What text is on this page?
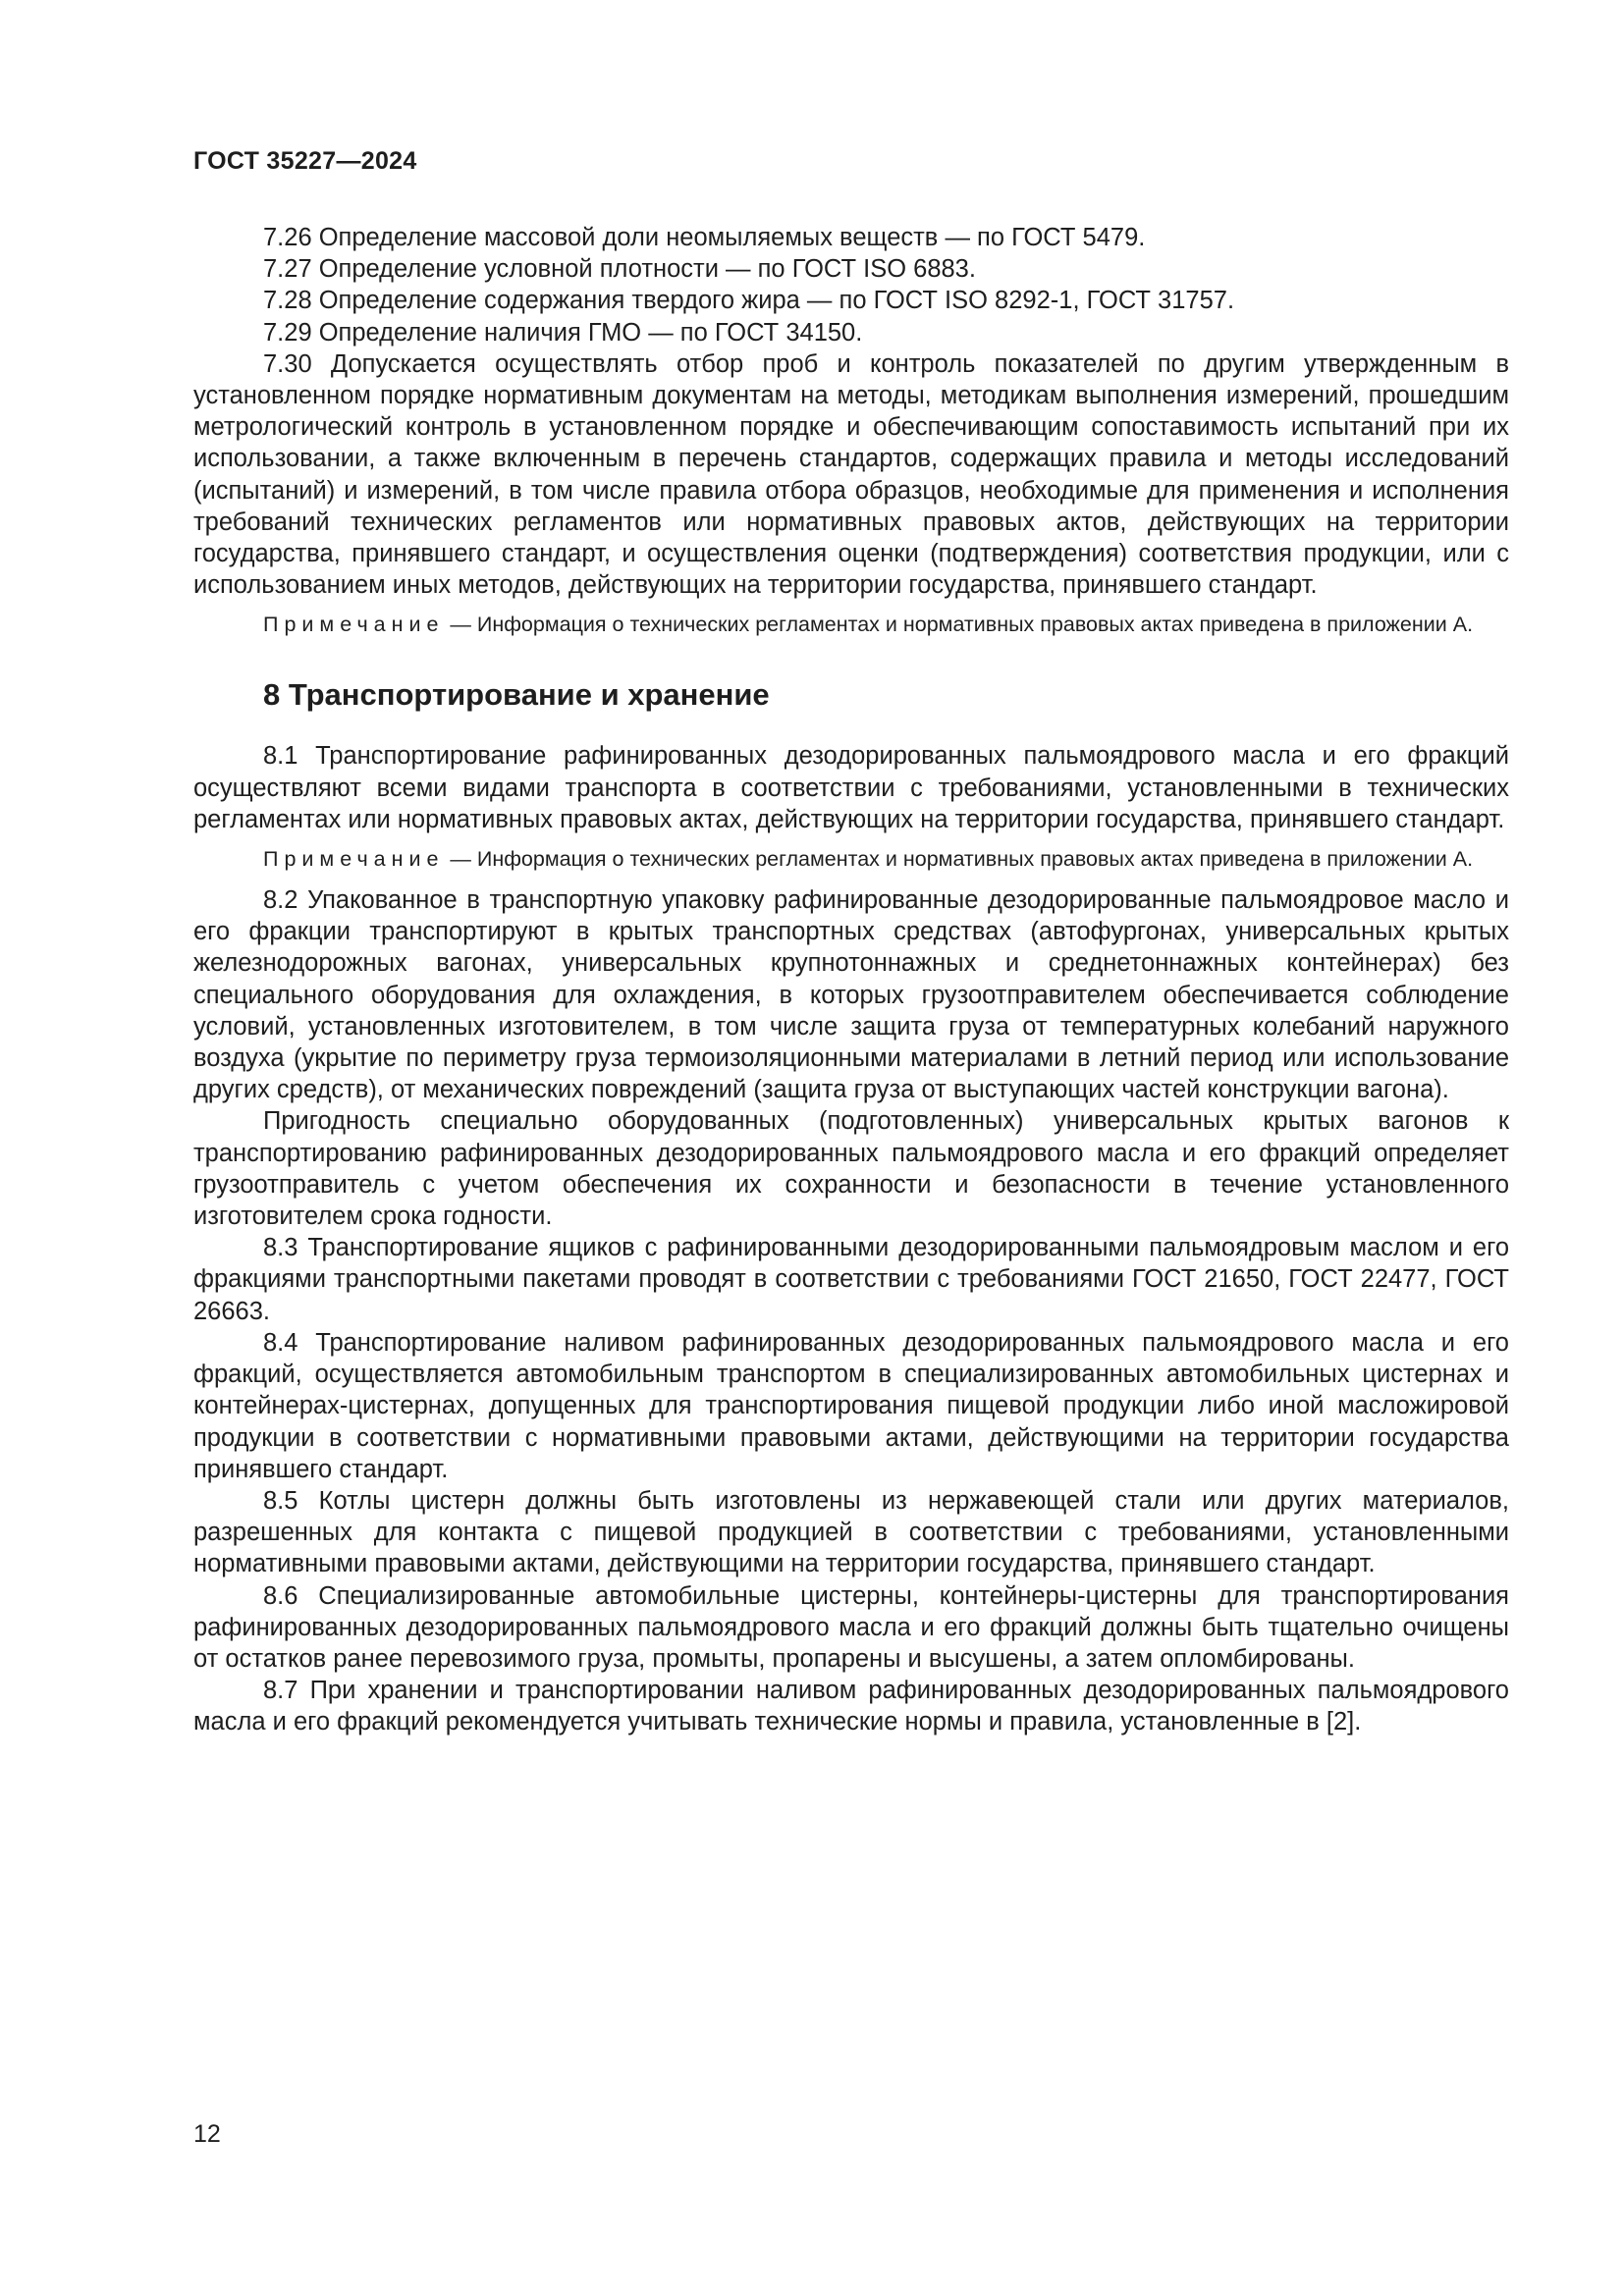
ГОСТ 35227—2024

7.26 Определение массовой доли неомыляемых веществ — по ГОСТ 5479.

7.27 Определение условной плотности — по ГОСТ ISO 6883.

7.28 Определение содержания твердого жира — по ГОСТ ISO 8292-1, ГОСТ 31757.

7.29 Определение наличия ГМО — по ГОСТ 34150.

7.30 Допускается осуществлять отбор проб и контроль показателей по другим утвержденным в установленном порядке нормативным документам на методы, методикам выполнения измерений, прошедшим метрологический контроль в установленном порядке и обеспечивающим сопоставимость испытаний при их использовании, а также включенным в перечень стандартов, содержащих правила и методы исследований (испытаний) и измерений, в том числе правила отбора образцов, необходимые для применения и исполнения требований технических регламентов или нормативных правовых актов, действующих на территории государства, принявшего стандарт, и осуществления оценки (подтверждения) соответствия продукции, или с использованием иных методов, действующих на территории государства, принявшего стандарт.

Примечание — Информация о технических регламентах и нормативных правовых актах приведена в приложении А.

8 Транспортирование и хранение

8.1 Транспортирование рафинированных дезодорированных пальмоядрового масла и его фракций осуществляют всеми видами транспорта в соответствии с требованиями, установленными в технических регламентах или нормативных правовых актах, действующих на территории государства, принявшего стандарт.

Примечание — Информация о технических регламентах и нормативных правовых актах приведена в приложении А.

8.2 Упакованное в транспортную упаковку рафинированные дезодорированные пальмоядровое масло и его фракции транспортируют в крытых транспортных средствах (автофургонах, универсальных крытых железнодорожных вагонах, универсальных крупнотоннажных и среднетоннажных контейнерах) без специального оборудования для охлаждения, в которых грузоотправителем обеспечивается соблюдение условий, установленных изготовителем, в том числе защита груза от температурных колебаний наружного воздуха (укрытие по периметру груза термоизоляционными материалами в летний период или использование других средств), от механических повреждений (защита груза от выступающих частей конструкции вагона).

Пригодность специально оборудованных (подготовленных) универсальных крытых вагонов к транспортированию рафинированных дезодорированных пальмоядрового масла и его фракций определяет грузоотправитель с учетом обеспечения их сохранности и безопасности в течение установленного изготовителем срока годности.

8.3 Транспортирование ящиков с рафинированными дезодорированными пальмоядровым маслом и его фракциями транспортными пакетами проводят в соответствии с требованиями ГОСТ 21650, ГОСТ 22477, ГОСТ 26663.

8.4 Транспортирование наливом рафинированных дезодорированных пальмоядрового масла и его фракций, осуществляется автомобильным транспортом в специализированных автомобильных цистернах и контейнерах-цистернах, допущенных для транспортирования пищевой продукции либо иной масложировой продукции в соответствии с нормативными правовыми актами, действующими на территории государства принявшего стандарт.

8.5 Котлы цистерн должны быть изготовлены из нержавеющей стали или других материалов, разрешенных для контакта с пищевой продукцией в соответствии с требованиями, установленными нормативными правовыми актами, действующими на территории государства, принявшего стандарт.

8.6 Специализированные автомобильные цистерны, контейнеры-цистерны для транспортирования рафинированных дезодорированных пальмоядрового масла и его фракций должны быть тщательно очищены от остатков ранее перевозимого груза, промыты, пропарены и высушены, а затем опломбированы.

8.7 При хранении и транспортировании наливом рафинированных дезодорированных пальмоядрового масла и его фракций рекомендуется учитывать технические нормы и правила, установленные в [2].

12
